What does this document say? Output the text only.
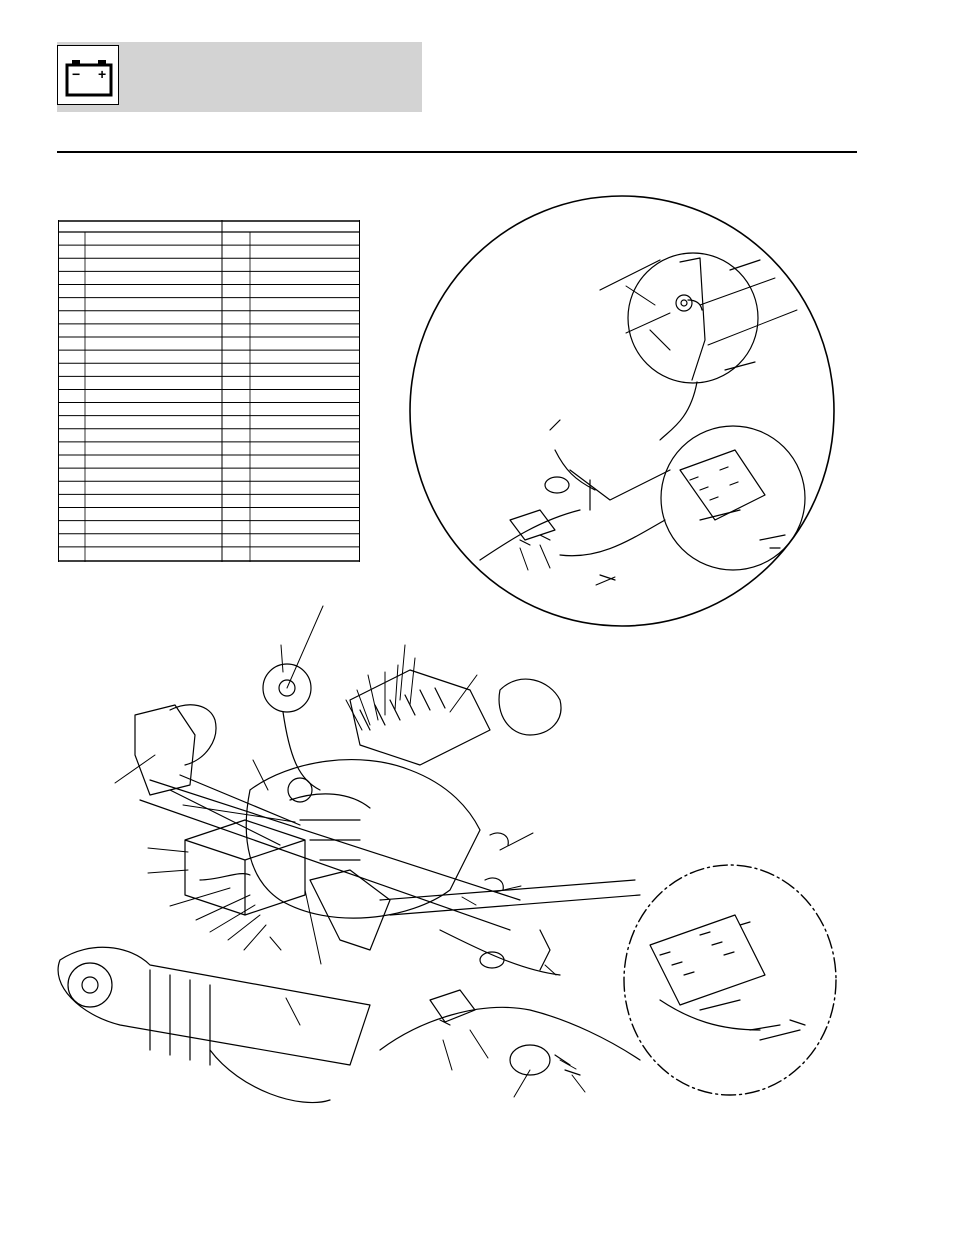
− +
